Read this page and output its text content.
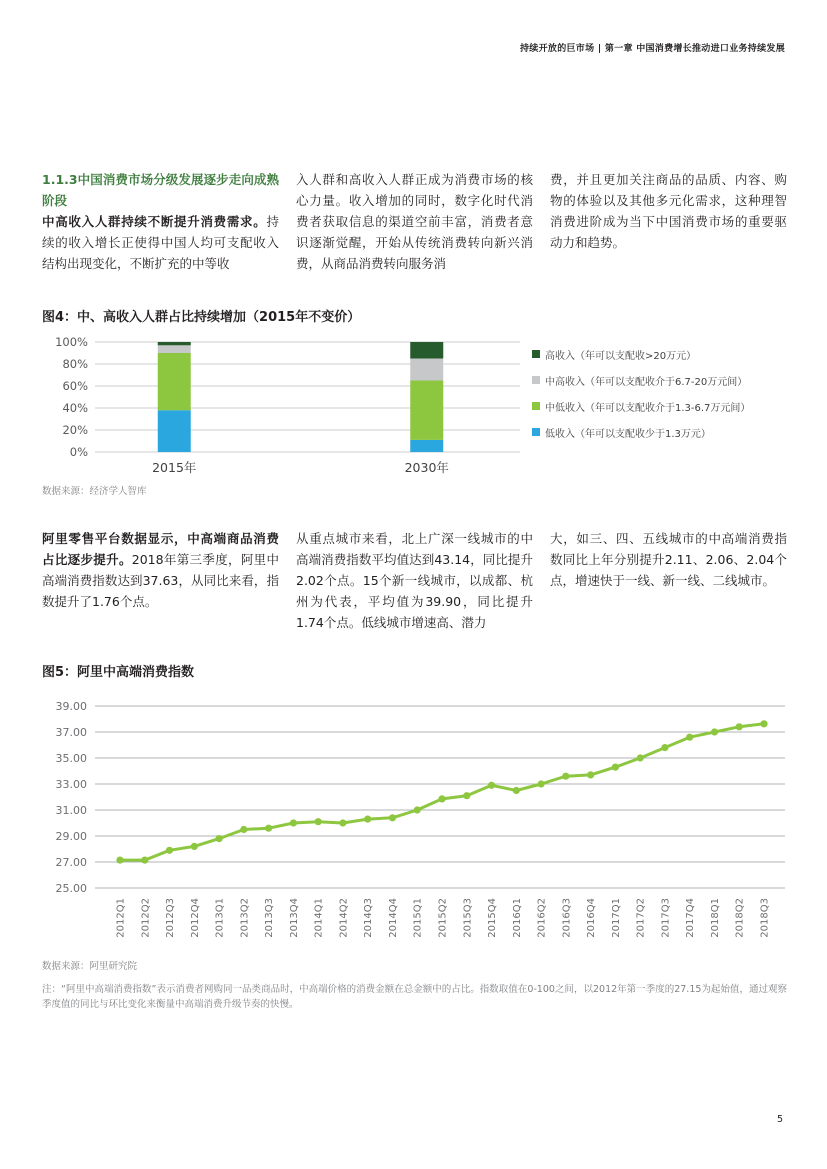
持续开放的巨市场 | 第一章 中国消费增长推动进口业务持续发展
1.1.3中国消费市场分级发展逐步走向成熟阶段

中高收入人群持续不断提升消费需求。持续的收入增长正使得中国人均可支配收入结构出现变化，不断扩充的中等收

入人群和高收入人群正成为消费市场的核心力量。收入增加的同时，数字化时代消费者获取信息的渠道空前丰富，消费者意识逐渐觉醒，开始从传统消费转向新兴消费，从商品消费转向服务消

费，并且更加关注商品的品质、内容、购物的体验以及其他多元化需求，这种理智消费进阶成为当下中国消费市场的重要驱动力和趋势。

图4：中、高收入人群占比持续增加（2015年不变价）
0%
20%
40%
60%
80%
100%
2015年	2030年
高收入（年可以支配收>20万元）
中高收入（年可以支配收介于6.7-20万元间）
中低收入（年可以支配收介于1.3-6.7万元间）
低收入（年可以支配收少于1.3万元）
数据来源：经济学人智库

阿里零售平台数据显示，中高端商品消费占比逐步提升。2018年第三季度，阿里中高端消费指数达到37.63，从同比来看，指数提升了1.76个点。

从重点城市来看，北上广深一线城市的中高端消费指数平均值达到43.14，同比提升2.02个点。15个新一线城市，以成都、杭州为代表，平均值为39.90，同比提升1.74个点。低线城市增速高、潜力

大，如三、四、五线城市的中高端消费指数同比上年分别提升2.11、2.06、2.04个点，增速快于一线、新一线、二线城市。

图5：阿里中高端消费指数
25.00
27.00
29.00
31.00
33.00
35.00
37.00
39.00
2012Q1 2012Q2 2012Q3 2012Q4 2013Q1 2013Q2 2013Q3 2013Q4 2014Q1 2014Q2 2014Q3 2014Q4 2015Q1 2015Q2 2015Q3 2015Q4 2016Q1 2016Q2 2016Q3 2016Q4 2017Q1 2017Q2 2017Q3 2017Q4 2018Q1 2018Q2 2018Q3
数据来源：阿里研究院

注：“阿里中高端消费指数”表示消费者网购同一品类商品时，中高端价格的消费金额在总金额中的占比。指数取值在0-100之间，以2012年第一季度的27.15为起始值，通过观察季度值的同比与环比变化来衡量中高端消费升级节奏的快慢。

5
